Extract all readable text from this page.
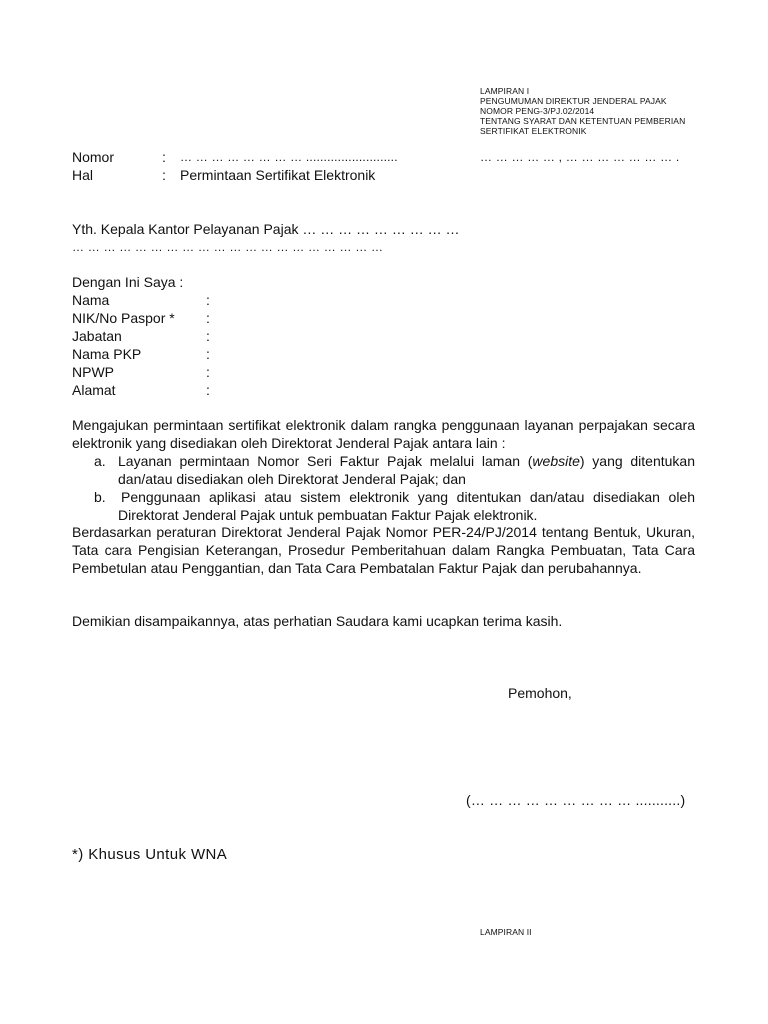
LAMPIRAN I
PENGUMUMAN DIREKTUR JENDERAL PAJAK
NOMOR PENG-3/PJ.02/2014
TENTANG SYARAT DAN KETENTUAN PEMBERIAN
SERTIFIKAT ELEKTRONIK
Nomor	: … … … … … … … … ..........................	… … … … … , … … … … … … … .
Hal	: Permintaan Sertifikat Elektronik
Yth. Kepala Kantor Pelayanan Pajak … … … … … … … … …
… … … … … … … … … … … … … … … … … … … …
Dengan Ini Saya :
Nama	:
NIK/No Paspor * :
Jabatan	:
Nama PKP	:
NPWP	:
Alamat	:
Mengajukan permintaan sertifikat elektronik dalam rangka penggunaan layanan perpajakan secara elektronik yang disediakan oleh Direktorat Jenderal Pajak antara lain :
a. Layanan permintaan Nomor Seri Faktur Pajak melalui laman (website) yang ditentukan dan/atau disediakan oleh Direktorat Jenderal Pajak; dan
b. Penggunaan aplikasi atau sistem elektronik yang ditentukan dan/atau disediakan oleh Direktorat Jenderal Pajak untuk pembuatan Faktur Pajak elektronik.
Berdasarkan peraturan Direktorat Jenderal Pajak Nomor PER-24/PJ/2014 tentang Bentuk, Ukuran, Tata cara Pengisian Keterangan, Prosedur Pemberitahuan dalam Rangka Pembuatan, Tata Cara Pembetulan atau Penggantian, dan Tata Cara Pembatalan Faktur Pajak dan perubahannya.
Demikian disampaikannya, atas perhatian Saudara kami ucapkan terima kasih.
Pemohon,
(… … … … … … … … … ...........)
*) Khusus Untuk WNA
LAMPIRAN II
